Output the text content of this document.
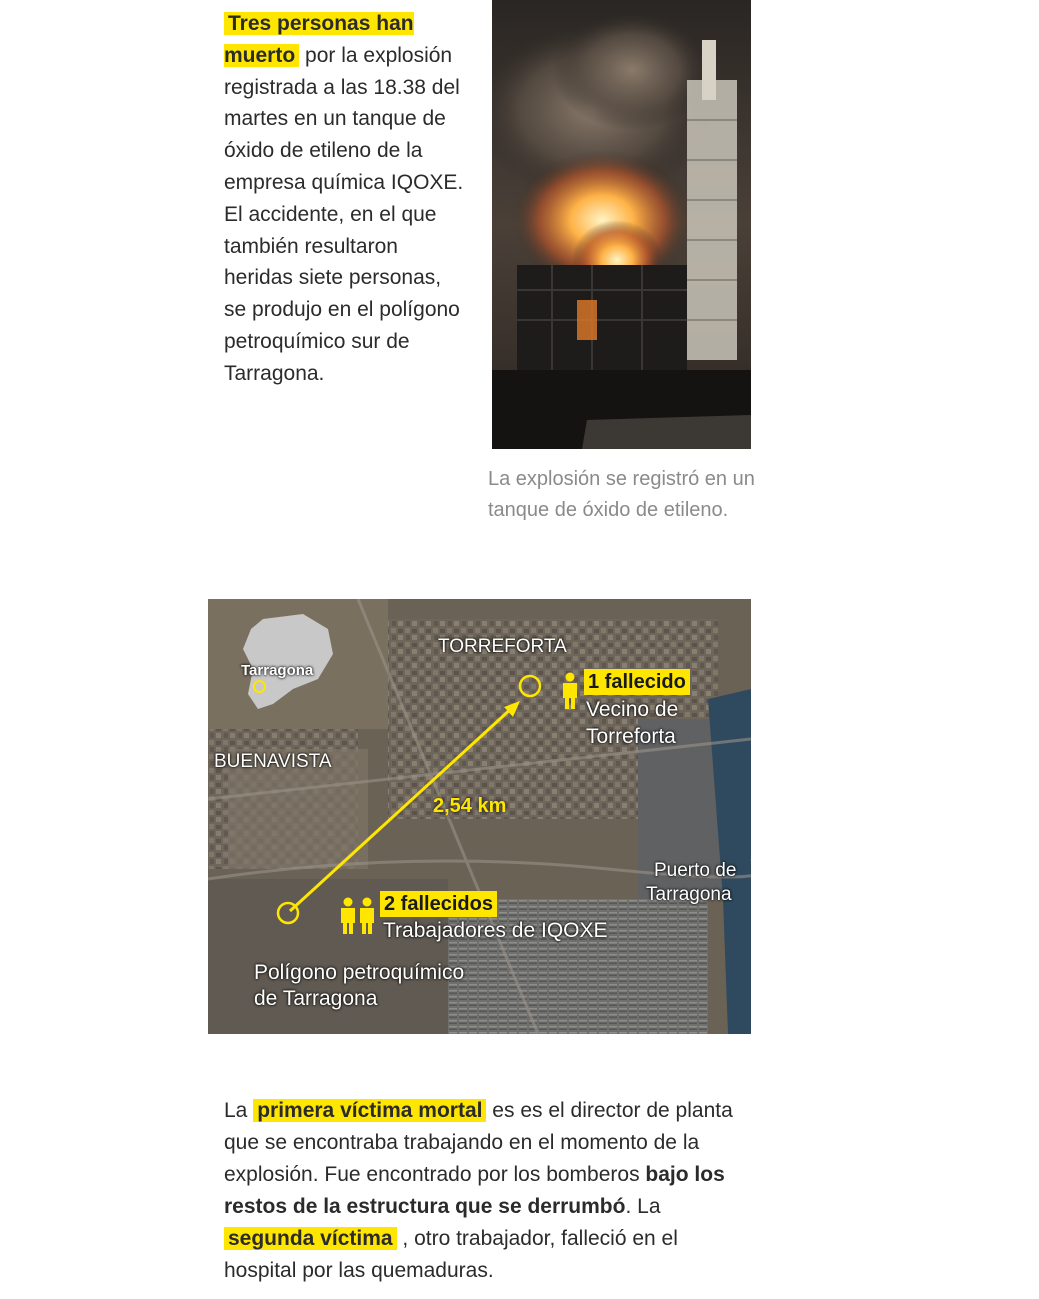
Tres personas han muerto por la explosión registrada a las 18.38 del martes en un tanque de óxido de etileno de la empresa química IQOXE. El accidente, en el que también resultaron heridas siete personas, se produjo en el polígono petroquímico sur de Tarragona.
La explosión se registró en un tanque de óxido de etileno.
Tarragona
TORREFORTA
BUENAVISTA
2,54 km
1 fallecido
Vecino de
Torreforta
2 fallecidos
Trabajadores de IQOXE
Puerto de
Tarragona
Polígono petroquímico
de Tarragona
La primera víctima mortal es es el director de planta que se encontraba trabajando en el momento de la explosión. Fue encontrado por los bomberos bajo los restos de la estructura que se derrumbó. La segunda víctima , otro trabajador, falleció en el hospital por las quemaduras.
